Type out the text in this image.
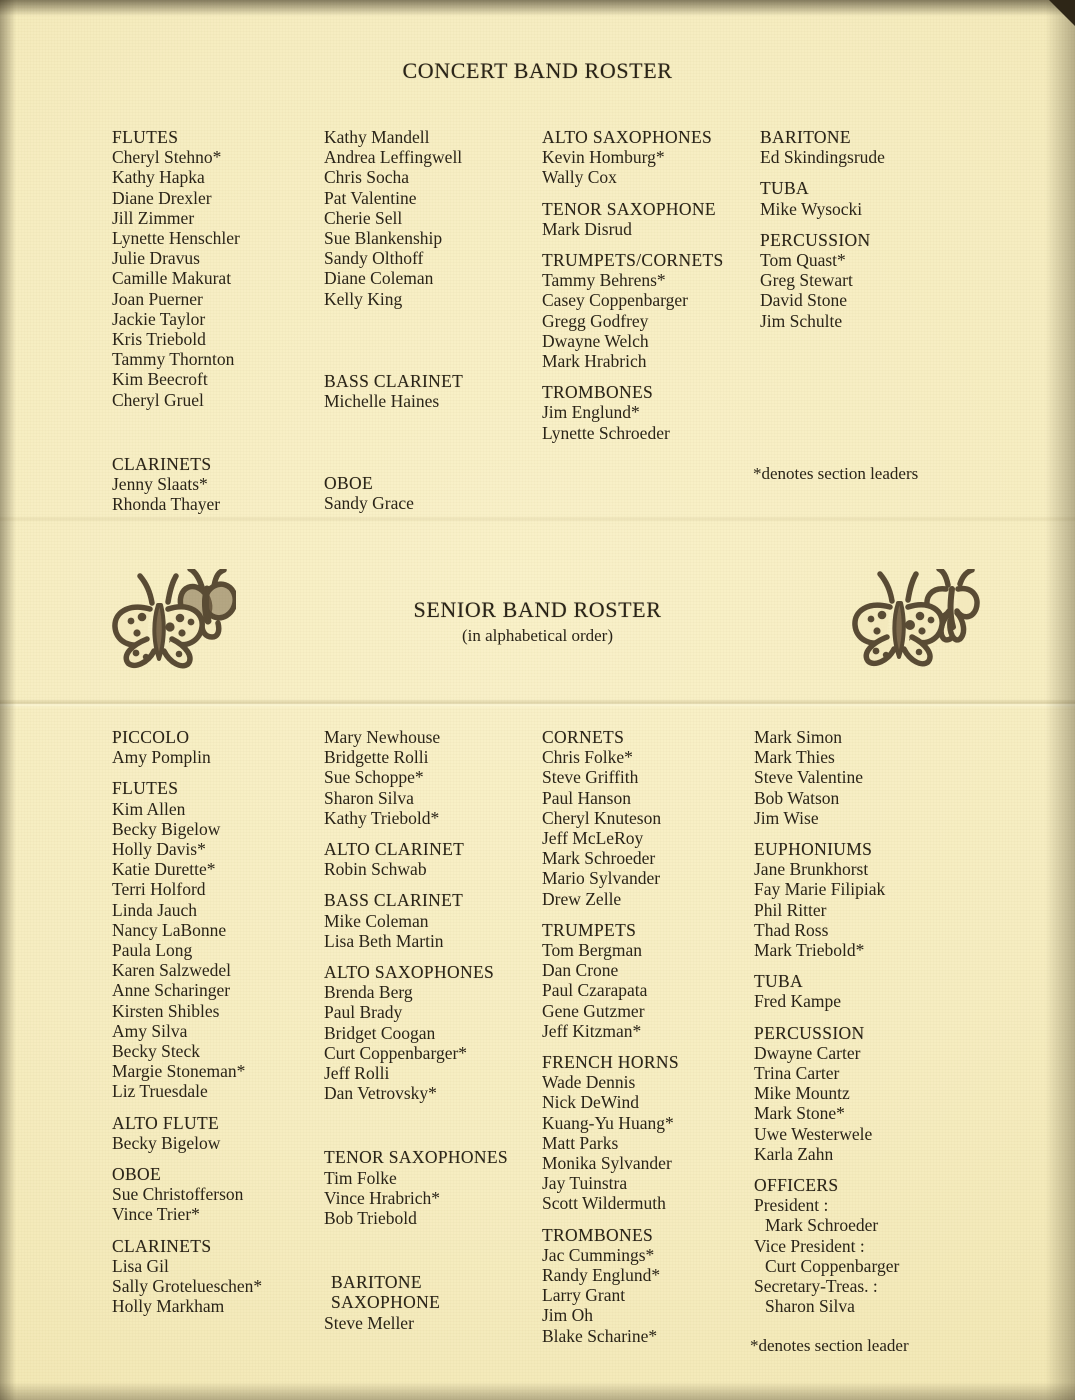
CONCERT BAND ROSTER
FLUTES
Cheryl Stehno*
Kathy Hapka
Diane Drexler
Jill Zimmer
Lynette Henschler
Julie Dravus
Camille Makurat
Joan Puerner
Jackie Taylor
Kris Triebold
Tammy Thornton
Kim Beecroft
Cheryl Gruel
CLARINETS
Jenny Slaats*
Rhonda Thayer
Kathy Mandell
Andrea Leffingwell
Chris Socha
Pat Valentine
Cherie Sell
Sue Blankenship
Sandy Olthoff
Diane Coleman
Kelly King
BASS CLARINET
Michelle Haines
OBOE
Sandy Grace
ALTO SAXOPHONES
Kevin Homburg*
Wally Cox
TENOR SAXOPHONE
Mark Disrud
TRUMPETS/CORNETS
Tammy Behrens*
Casey Coppenbarger
Gregg Godfrey
Dwayne Welch
Mark Hrabrich
TROMBONES
Jim Englund*
Lynette Schroeder
BARITONE
Ed Skindingsrude
TUBA
Mike Wysocki
PERCUSSION
Tom Quast*
Greg Stewart
David Stone
Jim Schulte
*denotes section leaders
SENIOR BAND ROSTER
(in alphabetical order)
PICCOLO
Amy Pomplin
FLUTES
Kim Allen
Becky Bigelow
Holly Davis*
Katie Durette*
Terri Holford
Linda Jauch
Nancy LaBonne
Paula Long
Karen Salzwedel
Anne Scharinger
Kirsten Shibles
Amy Silva
Becky Steck
Margie Stoneman*
Liz Truesdale
ALTO FLUTE
Becky Bigelow
OBOE
Sue Christofferson
Vince Trier*
CLARINETS
Lisa Gil
Sally Grotelueschen*
Holly Markham
Mary Newhouse
Bridgette Rolli
Sue Schoppe*
Sharon Silva
Kathy Triebold*
ALTO CLARINET
Robin Schwab
BASS CLARINET
Mike Coleman
Lisa Beth Martin
ALTO SAXOPHONES
Brenda Berg
Paul Brady
Bridget Coogan
Curt Coppenbarger*
Jeff Rolli
Dan Vetrovsky*
TENOR SAXOPHONES
Tim Folke
Vince Hrabrich*
Bob Triebold
BARITONE
SAXOPHONE
Steve Meller
CORNETS
Chris Folke*
Steve Griffith
Paul Hanson
Cheryl Knuteson
Jeff McLeRoy
Mark Schroeder
Mario Sylvander
Drew Zelle
TRUMPETS
Tom Bergman
Dan Crone
Paul Czarapata
Gene Gutzmer
Jeff Kitzman*
FRENCH HORNS
Wade Dennis
Nick DeWind
Kuang-Yu Huang*
Matt Parks
Monika Sylvander
Jay Tuinstra
Scott Wildermuth
TROMBONES
Jac Cummings*
Randy Englund*
Larry Grant
Jim Oh
Blake Scharine*
Mark Simon
Mark Thies
Steve Valentine
Bob Watson
Jim Wise
EUPHONIUMS
Jane Brunkhorst
Fay Marie Filipiak
Phil Ritter
Thad Ross
Mark Triebold*
TUBA
Fred Kampe
PERCUSSION
Dwayne Carter
Trina Carter
Mike Mountz
Mark Stone*
Uwe Westerwele
Karla Zahn
OFFICERS
President :
Mark Schroeder
Vice President :
Curt Coppenbarger
Secretary-Treas. :
Sharon Silva
*denotes section leader
